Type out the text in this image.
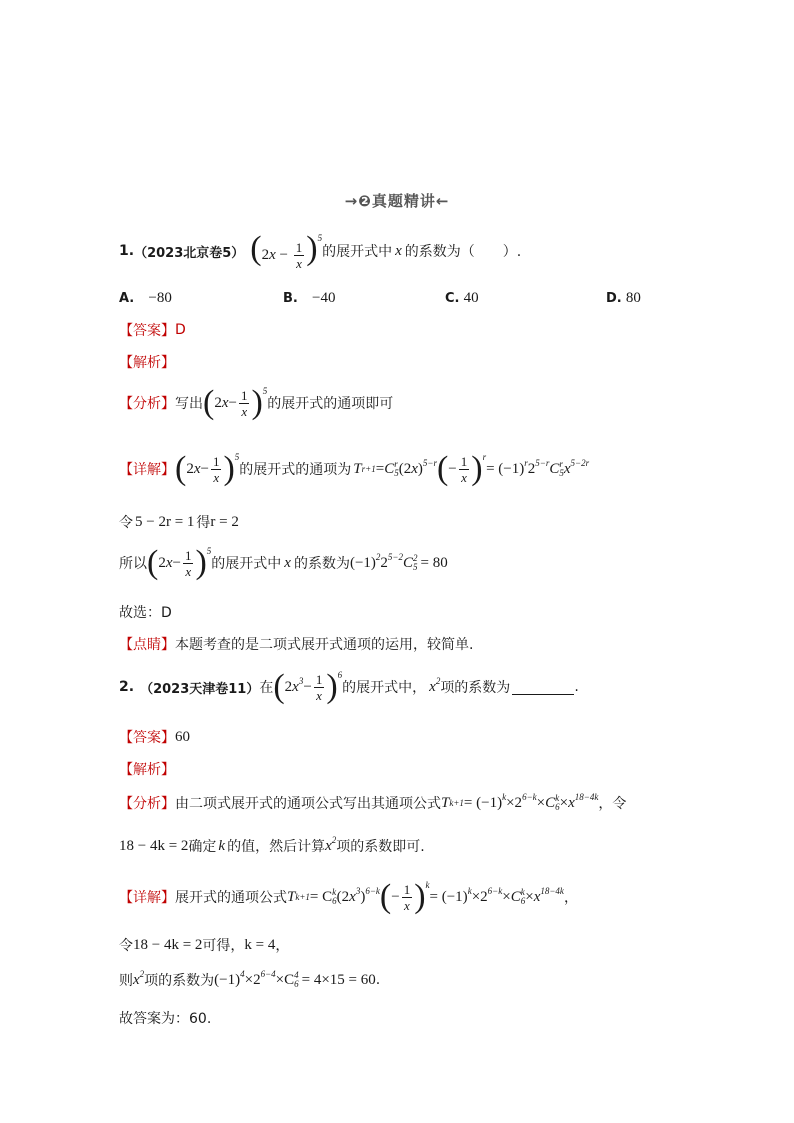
→❷真题精讲←
1. （2023北京卷5） $(2x - \frac{1}{x} )^5$
的展开式中 x 的系数为（　　）.
A. −80	B. −40	C. 40	D. 80
【答案】 D
【解析】
【分析】 写出 ( 2 $x - \frac{1}{x} )^5$
的展开式的通项即可
【详解】 ( 2 $x - \frac{1}{x} )^5$
的展开式的通项为 T r+1 = C r
5 (2 x )$^{5-r}$ ( − $\frac{1}{x} )^r$
= $(-1)^r$ $2^{5-r}$ C r
5 $x^{5-2r}$
令 5 − 2r = 1 得 r = 2
所以 ( 2 $x - \frac{1}{x} )^5$
的展开式中 x 的系数为 $(-1)^2$ $2^{5-2}$ C 2
5 = 80
故选：D
【点睛】 本题考查的是二项式展开式通项的运用，较简单.
2. （2023天津卷11） 在 ( 2 $x^3 - \frac{1}{x} )^6$
的展开式中， $x^2$ 项的系数为	.
【答案】 60
【解析】
【分析】 由二项式展开式的通项公式写出其通项公式 T $k+1 = (-1)^k \times 2^{6-k} \times C$ k
$6 \times x^{18-4k}$ ，令
18 − 4k = 2 确定 k 的值，然后计算 $x^2$ 项的系数即可.
【详解】 展开式的通项公式 T k+1 = C k
6 (2 $x^3$ )$^{6-k}$ ( − $\frac{1}{x} )^k$
= $(-1)^k \times 2^{6-k} \times C$ k
$6 \times x^{18-4k}$ ，
令 18 − 4k = 2 可得， k = 4 ，
则 $x^2$ 项的系数为 $(-1)^4 \times 2^{6-4} \times C$ 4
6 = 4×15 = 60 .
故答案为：60.
